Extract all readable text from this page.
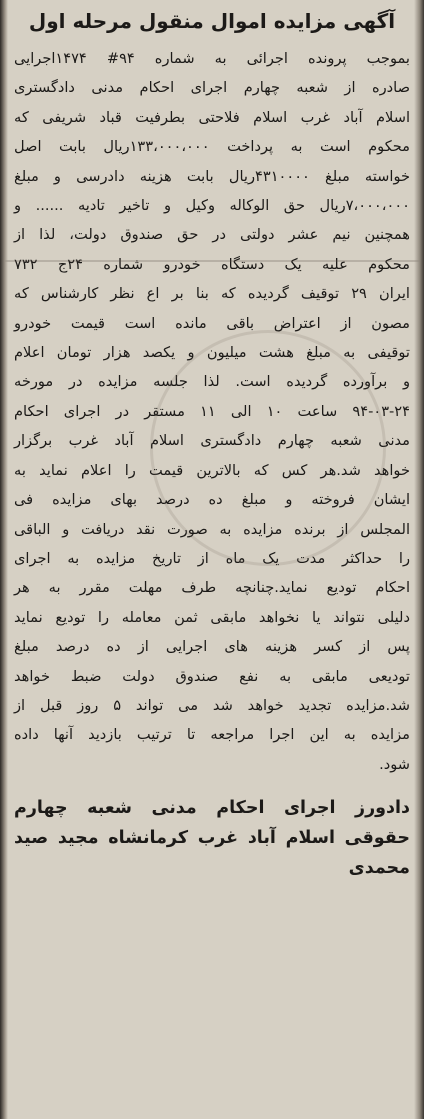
آگهی مزایده اموال منقول مرحله اول
بموجب پرونده اجرائی به شماره ۹۴# ۱۴۷۴اجرایی
صادره از شعبه چهارم اجرای احکام مدنی دادگستری
اسلام آباد غرب اسلام فلاحتی بطرفیت قباد شریفی که
محکوم است به پرداخت ۱۳۳،۰۰۰،۰۰۰ریال بابت اصل
خواسته مبلغ ۴۳۱۰۰۰۰ریال بابت هزینه دادرسی و مبلغ
۷،۰۰۰،۰۰۰ریال حق الوکاله وکیل و تاخیر تادیه ...... و
همچنین نیم عشر دولتی در حق صندوق دولت، لذا از
محکوم علیه یک دستگاه خودرو شماره ۲۴ج ۷۳۲
ایران ۲۹ توقیف گردیده که بنا بر اع نظر کارشناس که
مصون از اعتراض باقی مانده است قیمت خودرو
توقیفی به مبلغ هشت میلیون و یکصد هزار تومان اعلام
و برآورده گردیده است. لذا جلسه مزایده در مورخه
۹۴-۰۳-۲۴ ساعت ۱۰ الی ۱۱ مستقر در اجرای احکام
مدنی شعبه چهارم دادگستری اسلام آباد غرب برگزار
خواهد شد.هر کس که بالاترین قیمت را اعلام نماید به
ایشان فروخته و مبلغ ده درصد بهای مزایده فی
المجلس از برنده مزایده به صورت نقد دریافت و الباقی
را حداکثر مدت یک ماه از تاریخ مزایده به اجرای
احکام تودیع نماید.چنانچه طرف مهلت مقرر به هر
دلیلی نتواند یا نخواهد مابقی ثمن معامله را توديع نماید
پس از کسر هزینه های اجرایی از ده درصد مبلغ
توديعی مابقی به نفع صندوق دولت ضبط خواهد
شد.مزایده تجدید خواهد شد می تواند ۵ روز قبل از
مزایده به این اجرا مراجعه تا ترتیب بازدید آنها داده
شود.
دادورز اجرای احکام مدنی شعبه چهارم
حقوقی اسلام آباد غرب کرمانشاه مجید صید
محمدی
